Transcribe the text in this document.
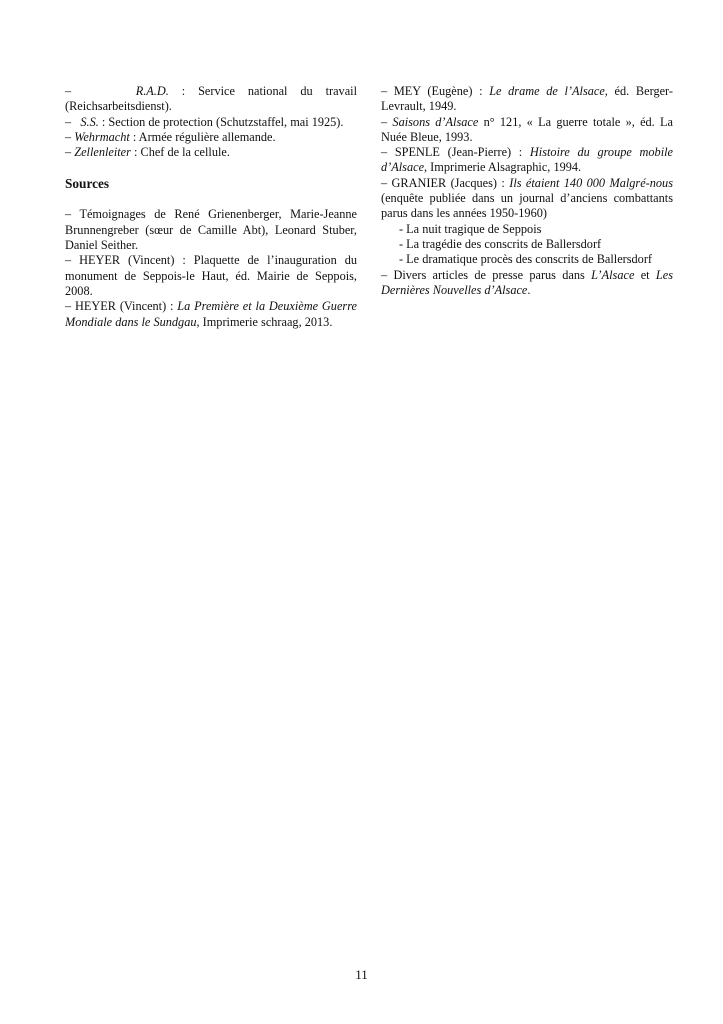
–	R.A.D. : Service national du travail (Reichsarbeitsdienst).

– S.S. : Section de protection (Schutzstaffel, mai 1925).

– Wehrmacht : Armée régulière allemande.

– Zellenleiter : Chef de la cellule.

Sources

– Témoignages de René Grienenberger, Marie-Jeanne Brunnengreber (sœur de Camille Abt), Leonard Stuber, Daniel Seither.

– HEYER (Vincent) : Plaquette de l’inauguration du monument de Seppois-le Haut, éd. Mairie de Seppois, 2008.

– HEYER (Vincent) : La Première et la Deuxième Guerre Mondiale dans le Sundgau, Imprimerie schraag, 2013.

– MEY (Eugène) : Le drame de l’Alsace, éd. Berger-Levrault, 1949.

– Saisons d’Alsace n° 121, « La guerre totale », éd. La Nuée Bleue, 1993.

– SPENLE (Jean-Pierre) : Histoire du groupe mobile d’Alsace, Imprimerie Alsagraphic, 1994.

– GRANIER (Jacques) : Ils étaient 140 000 Malgré-nous (enquête publiée dans un journal d’anciens combattants parus dans les années 1950-1960)

- La nuit tragique de Seppois

- La tragédie des conscrits de Ballersdorf

- Le dramatique procès des conscrits de Ballersdorf

– Divers articles de presse parus dans L’Alsace et Les Dernières Nouvelles d’Alsace.

11
